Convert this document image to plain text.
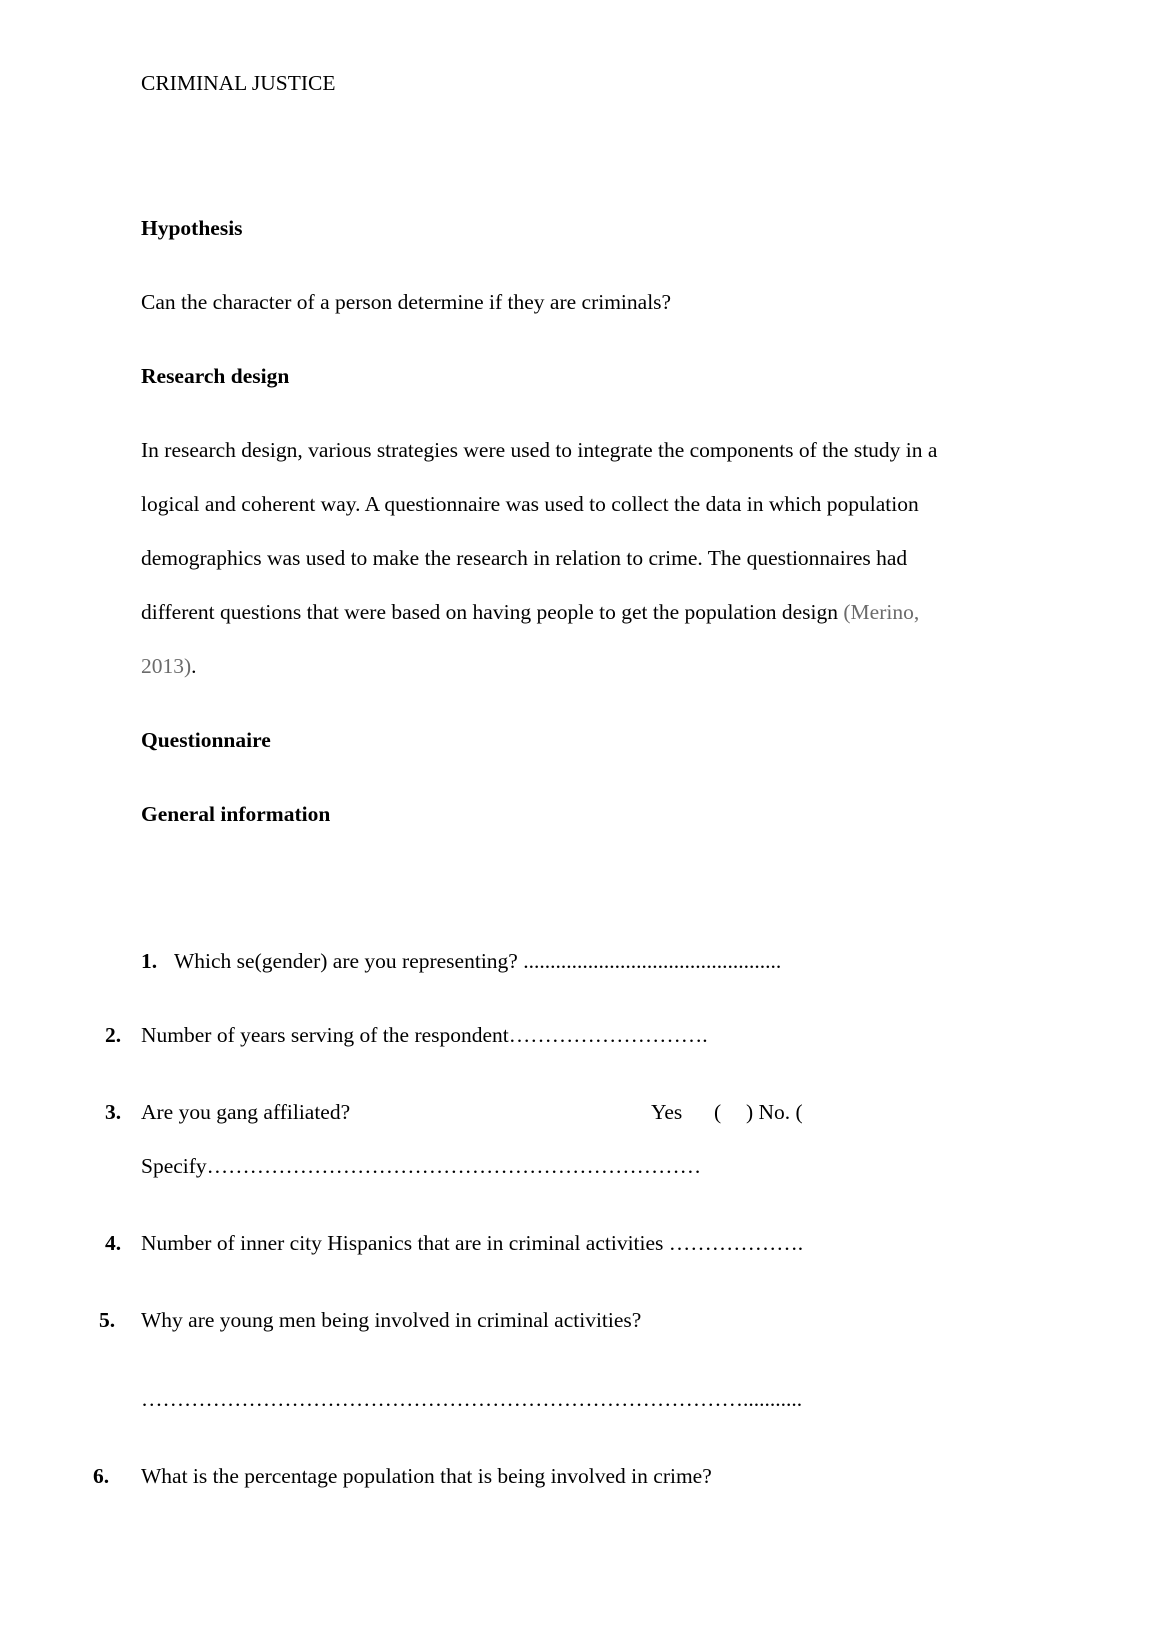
CRIMINAL JUSTICE
Hypothesis
Can the character of a person determine if they are criminals?
Research design
In research design, various strategies were used to integrate the components of the study in a
logical and coherent way. A questionnaire was used to collect the data in which population
demographics was used to make the research in relation to crime. The questionnaires had
different questions that were based on having people to get the population design (Merino,
2013).
Questionnaire
General information
1. Which se(gender) are you representing? ................................................
2. Number of years serving of the respondent……………………….
3. Are you gang affiliated?	Yes ( ) No. (
Specify……………………………………………………………
4. Number of inner city Hispanics that are in criminal activities ……………….
5. Why are young men being involved in criminal activities?
…………………………………………………………………………...........
6. What is the percentage population that is being involved in crime?
